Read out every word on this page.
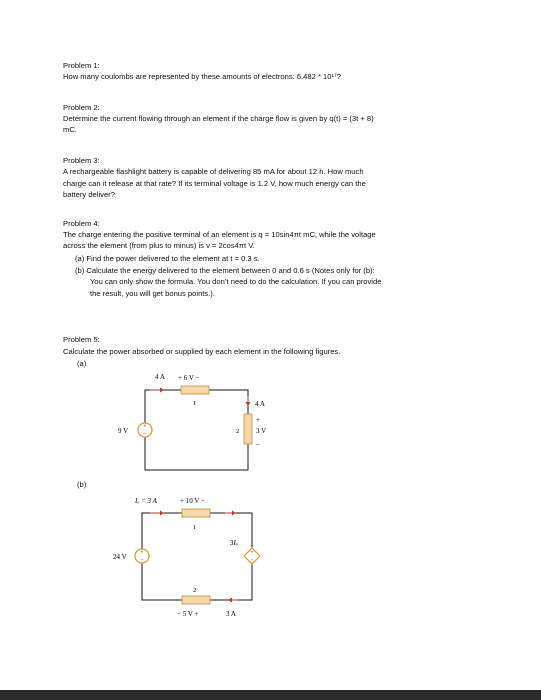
Problem 1:
How many coulombs are represented by these amounts of electrons: 6.482 * 10¹⁷?
Problem 2:
Determine the current flowing through an element if the charge flow is given by q(t) = (3t + 8)
mC.
Problem 3:
A rechargeable flashlight battery is capable of delivering 85 mA for about 12 h. How much
charge can it release at that rate? If its terminal voltage is 1.2 V, how much energy can the
battery deliver?
Problem 4:
The charge entering the positive terminal of an element is q = 10sin4πt mC, while the voltage
across the element (from plus to minus) is v = 2cos4πt V.
(a) Find the power delivered to the element at t = 0.3 s.
(b) Calculate the energy delivered to the element between 0 and 0.6 s (Notes only for (b):
You can only show the formula. You don’t need to do the calculation. If you can provide
the result, you will get bonus points.).
Problem 5:
Calculate the power absorbed or supplied by each element in the following figures.
(a)
(b)
+
−
4 A + 6 V −
1
9 V
4 A
+
−
2 3 V
+
−
+
−
Iₒ = 3 A	+ 10 V −
1
24 V
3Iₒ
2
− 5 V +	3 A
